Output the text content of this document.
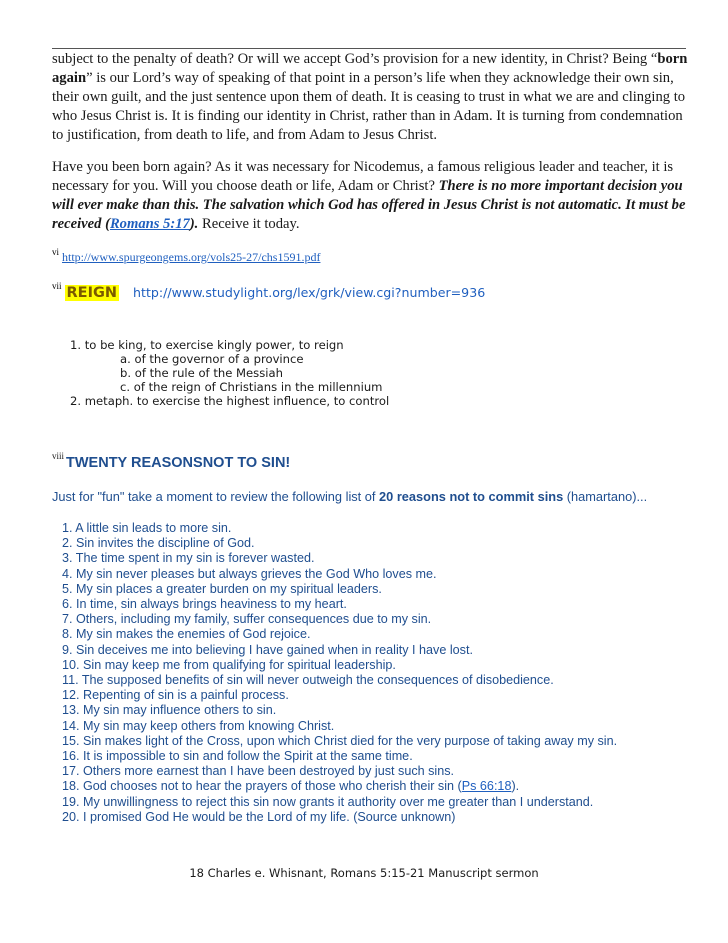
subject to the penalty of death? Or will we accept God’s provision for a new identity, in Christ? Being “born again” is our Lord’s way of speaking of that point in a person’s life when they acknowledge their own sin, their own guilt, and the just sentence upon them of death. It is ceasing to trust in what we are and clinging to who Jesus Christ is. It is finding our identity in Christ, rather than in Adam. It is turning from condemnation to justification, from death to life, and from Adam to Jesus Christ.

Have you been born again? As it was necessary for Nicodemus, a famous religious leader and teacher, it is necessary for you. Will you choose death or life, Adam or Christ? There is no more important decision you will ever make than this. The salvation which God has offered in Jesus Christ is not automatic. It must be received (Romans 5:17). Receive it today.

$^{vi}$ http://www.spurgeongems.org/vols25-27/chs1591.pdf
$^{vii}$ REIGN http://www.studylight.org/lex/grk/view.cgi?number=936
1. to be king, to exercise kingly power, to reign
a. of the governor of a province
b. of the rule of the Messiah
c. of the reign of Christians in the millennium
2. metaph. to exercise the highest influence, to control
$^{viii}$ TWENTY REASONSNOT TO SIN!
Just for "fun" take a moment to review the following list of 20 reasons not to commit sins (hamartano)...
1. A little sin leads to more sin.
2. Sin invites the discipline of God.
3. The time spent in my sin is forever wasted.
4. My sin never pleases but always grieves the God Who loves me.
5. My sin places a greater burden on my spiritual leaders.
6. In time, sin always brings heaviness to my heart.
7. Others, including my family, suffer consequences due to my sin.
8. My sin makes the enemies of God rejoice.
9. Sin deceives me into believing I have gained when in reality I have lost.
10. Sin may keep me from qualifying for spiritual leadership.
11. The supposed benefits of sin will never outweigh the consequences of disobedience.
12. Repenting of sin is a painful process.
13. My sin may influence others to sin.
14. My sin may keep others from knowing Christ.
15. Sin makes light of the Cross, upon which Christ died for the very purpose of taking away my sin.
16. It is impossible to sin and follow the Spirit at the same time.
17. Others more earnest than I have been destroyed by just such sins.
18. God chooses not to hear the prayers of those who cherish their sin (Ps 66:18).
19. My unwillingness to reject this sin now grants it authority over me greater than I understand.
20. I promised God He would be the Lord of my life. (Source unknown)
18 Charles e. Whisnant, Romans 5:15-21 Manuscript sermon
